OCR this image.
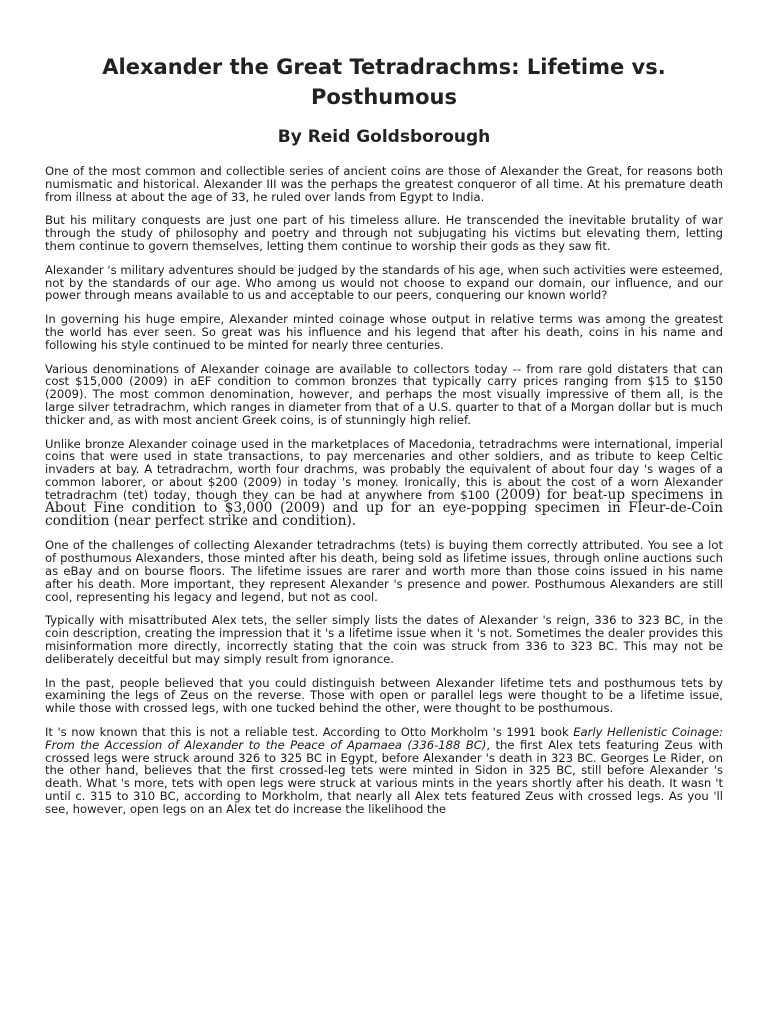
Alexander the Great Tetradrachms: Lifetime vs. Posthumous
By Reid Goldsborough

One of the most common and collectible series of ancient coins are those of Alexander the Great, for reasons both numismatic and historical. Alexander III was the perhaps the greatest conqueror of all time. At his premature death from illness at about the age of 33, he ruled over lands from Egypt to India.

But his military conquests are just one part of his timeless allure. He transcended the inevitable brutality of war through the study of philosophy and poetry and through not subjugating his victims but elevating them, letting them continue to govern themselves, letting them continue to worship their gods as they saw fit.

Alexander 's military adventures should be judged by the standards of his age, when such activities were esteemed, not by the standards of our age. Who among us would not choose to expand our domain, our influence, and our power through means available to us and acceptable to our peers, conquering our known world?

In governing his huge empire, Alexander minted coinage whose output in relative terms was among the greatest the world has ever seen. So great was his influence and his legend that after his death, coins in his name and following his style continued to be minted for nearly three centuries.

Various denominations of Alexander coinage are available to collectors today -- from rare gold distaters that can cost $15,000 (2009) in aEF condition to common bronzes that typically carry prices ranging from $15 to $150 (2009). The most common denomination, however, and perhaps the most visually impressive of them all, is the large silver tetradrachm, which ranges in diameter from that of a U.S. quarter to that of a Morgan dollar but is much thicker and, as with most ancient Greek coins, is of stunningly high relief.

Unlike bronze Alexander coinage used in the marketplaces of Macedonia, tetradrachms were international, imperial coins that were used in state transactions, to pay mercenaries and other soldiers, and as tribute to keep Celtic invaders at bay. A tetradrachm, worth four drachms, was probably the equivalent of about four day 's wages of a common laborer, or about $200 (2009) in today 's money. Ironically, this is about the cost of a worn Alexander tetradrachm (tet) today, though they can be had at anywhere from $100 (2009) for beat-up specimens in About Fine condition to $3,000 (2009) and up for an eye-popping specimen in Fleur-de-Coin condition (near perfect strike and condition).

One of the challenges of collecting Alexander tetradrachms (tets) is buying them correctly attributed. You see a lot of posthumous Alexanders, those minted after his death, being sold as lifetime issues, through online auctions such as eBay and on bourse floors. The lifetime issues are rarer and worth more than those coins issued in his name after his death. More important, they represent Alexander 's presence and power. Posthumous Alexanders are still cool, representing his legacy and legend, but not as cool.

Typically with misattributed Alex tets, the seller simply lists the dates of Alexander 's reign, 336 to 323 BC, in the coin description, creating the impression that it 's a lifetime issue when it 's not. Sometimes the dealer provides this misinformation more directly, incorrectly stating that the coin was struck from 336 to 323 BC. This may not be deliberately deceitful but may simply result from ignorance.

In the past, people believed that you could distinguish between Alexander lifetime tets and posthumous tets by examining the legs of Zeus on the reverse. Those with open or parallel legs were thought to be a lifetime issue, while those with crossed legs, with one tucked behind the other, were thought to be posthumous.

It 's now known that this is not a reliable test. According to Otto Morkholm 's 1991 book Early Hellenistic Coinage: From the Accession of Alexander to the Peace of Apamaea (336-188 BC), the first Alex tets featuring Zeus with crossed legs were struck around 326 to 325 BC in Egypt, before Alexander 's death in 323 BC. Georges Le Rider, on the other hand, believes that the first crossed-leg tets were minted in Sidon in 325 BC, still before Alexander 's death. What 's more, tets with open legs were struck at various mints in the years shortly after his death. It wasn 't until c. 315 to 310 BC, according to Morkholm, that nearly all Alex tets featured Zeus with crossed legs. As you 'll see, however, open legs on an Alex tet do increase the likelihood the
